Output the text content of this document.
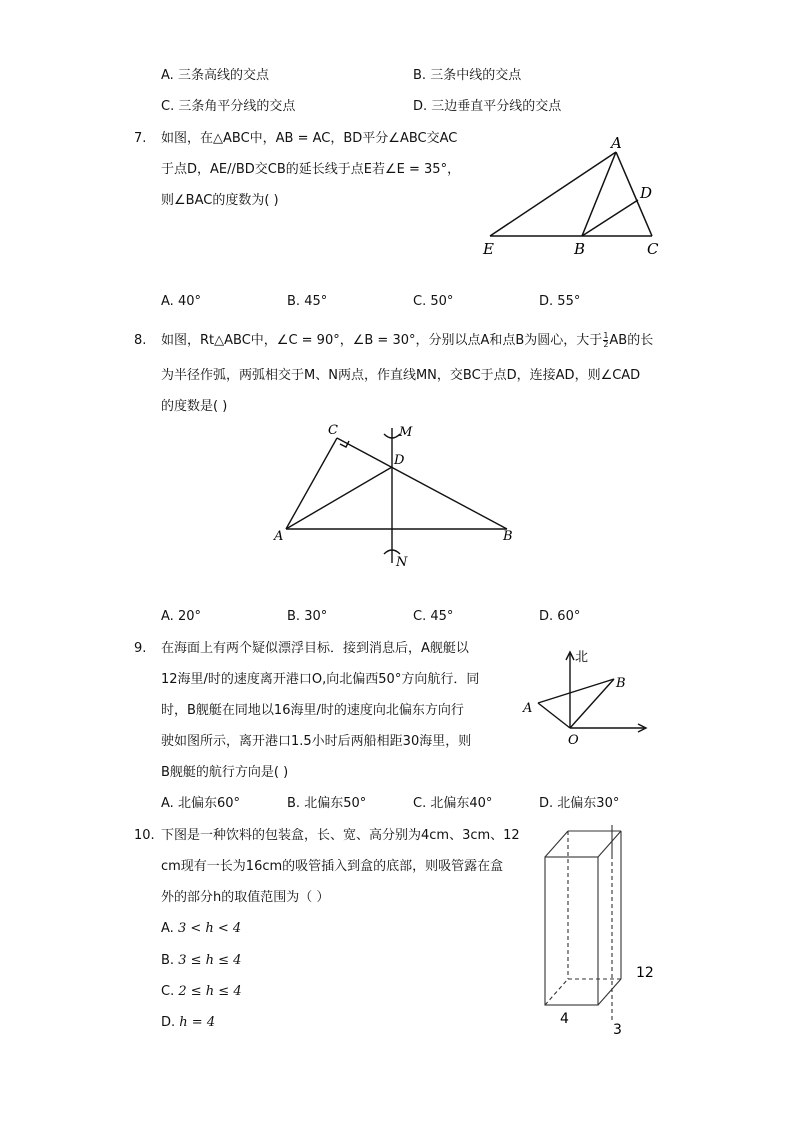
A. 三条高线的交点	B. 三条中线的交点
C. 三条角平分线的交点	D. 三边垂直平分线的交点
7. 如图，在△ABC中，AB = AC，BD平分∠ABC交AC
于点D，AE//BD交CB的延长线于点E若∠E = 35°，
则∠BAC的度数为( )
A
D
E	B	C
A. 40°	B. 45°	C. 50°	D. 55°
8. 如图，Rt△ABC中，∠C = 90°，∠B = 30°，分别以点A和点B为圆心，大于 $\frac{1}{2}$ AB的长
为半径作弧，两弧相交于M、N两点，作直线MN，交BC于点D，连接AD，则∠CAD
的度数是( )
C	M
D
A	B
N
A. 20°	B. 30°	C. 45°	D. 60°
9. 在海面上有两个疑似漂浮目标．接到消息后，A舰艇以
12海里/时的速度离开港口O,向北偏西50°方向航行．同
时，B舰艇在同地以16海里/时的速度向北偏东方向行
驶如图所示，离开港口1.5小时后两船相距30海里，则
B舰艇的航行方向是( )
北
B
A
O
A. 北偏东60°	B. 北偏东50°	C. 北偏东40°	D. 北偏东30°
10. 下图是一种饮料的包装盒，长、宽、高分别为4cm、3cm、12
cm现有一长为16cm的吸管插入到盒的底部，则吸管露在盒
外的部分h的取值范围为（ ）
A. 3 < h < 4
B. 3 ≤ h ≤ 4
C. 2 ≤ h ≤ 4
D. h = 4
12
4
3
